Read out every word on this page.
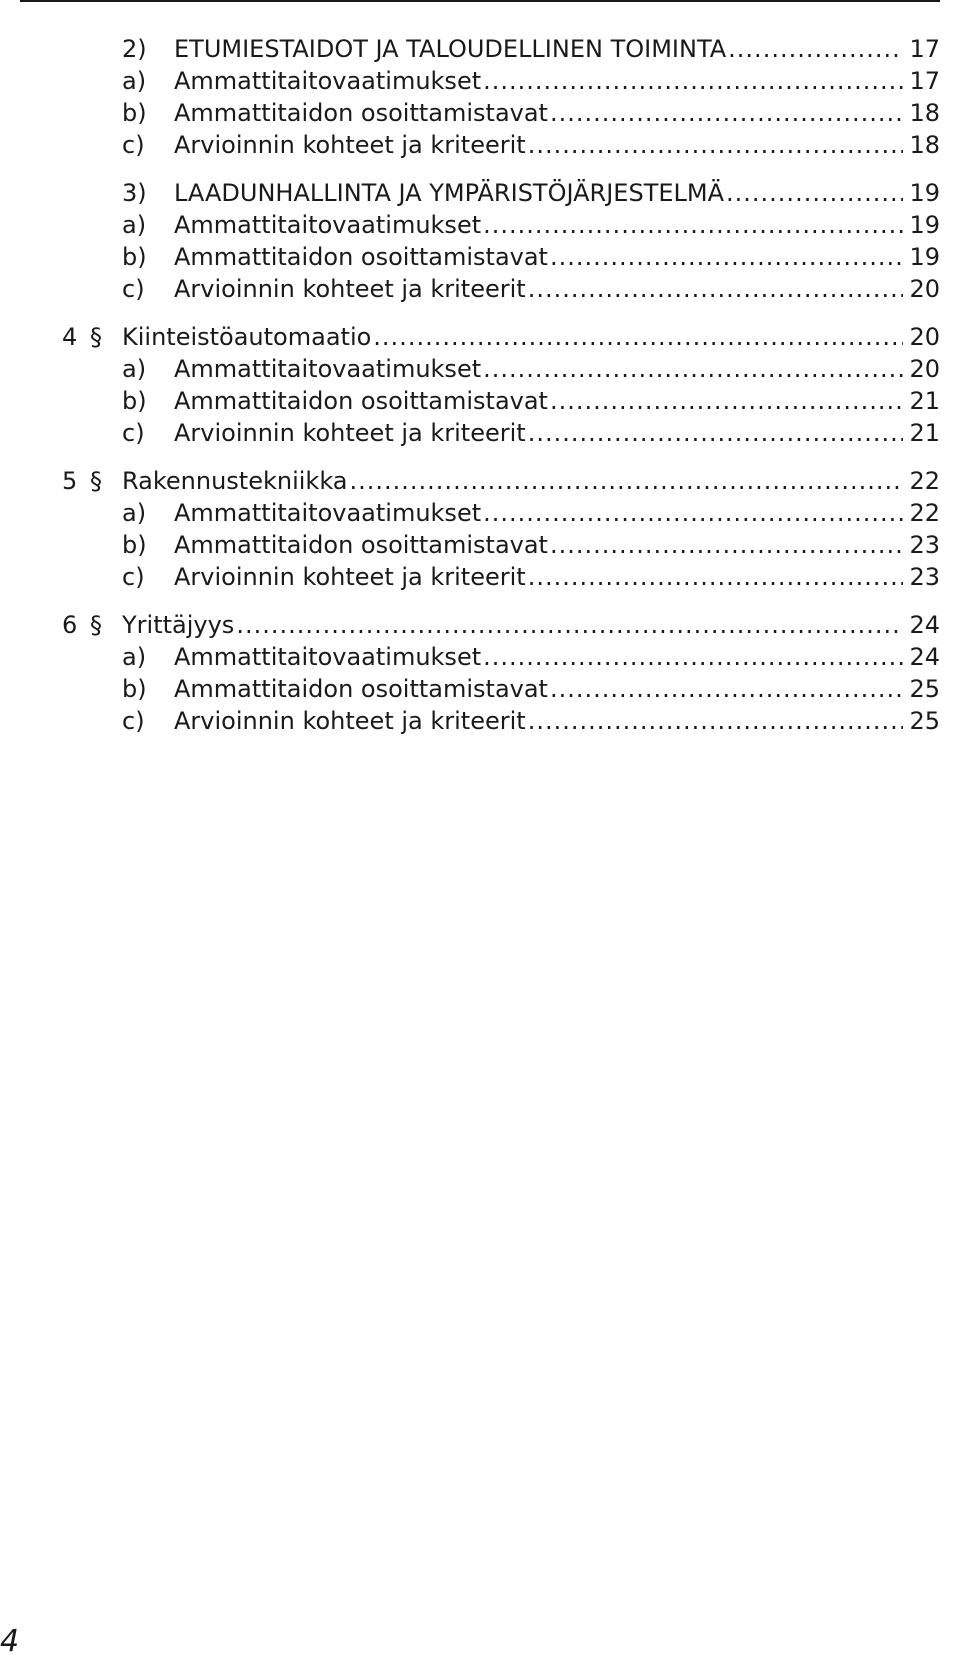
2) ETUMIESTAIDOT JA TALOUDELLINEN TOIMINTA .....	17
a) Ammattitaitovaatimukset .....	17
b) Ammattitaidon osoittamistavat .....	18
c) Arvioinnin kohteet ja kriteerit .....	18
3) LAADUNHALLINTA JA YMPÄRISTÖJÄRJESTELMÄ .....	19
a) Ammattitaitovaatimukset .....	19
b) Ammattitaidon osoittamistavat .....	19
c) Arvioinnin kohteet ja kriteerit .....	20
4 § Kiinteistöautomaatio .....	20
a) Ammattitaitovaatimukset .....	20
b) Ammattitaidon osoittamistavat .....	21
c) Arvioinnin kohteet ja kriteerit .....	21
5 § Rakennustekniikka .....	22
a) Ammattitaitovaatimukset .....	22
b) Ammattitaidon osoittamistavat .....	23
c) Arvioinnin kohteet ja kriteerit .....	23
6 § Yrittäjyys .....	24
a) Ammattitaitovaatimukset .....	24
b) Ammattitaidon osoittamistavat .....	25
c) Arvioinnin kohteet ja kriteerit .....	25
4
